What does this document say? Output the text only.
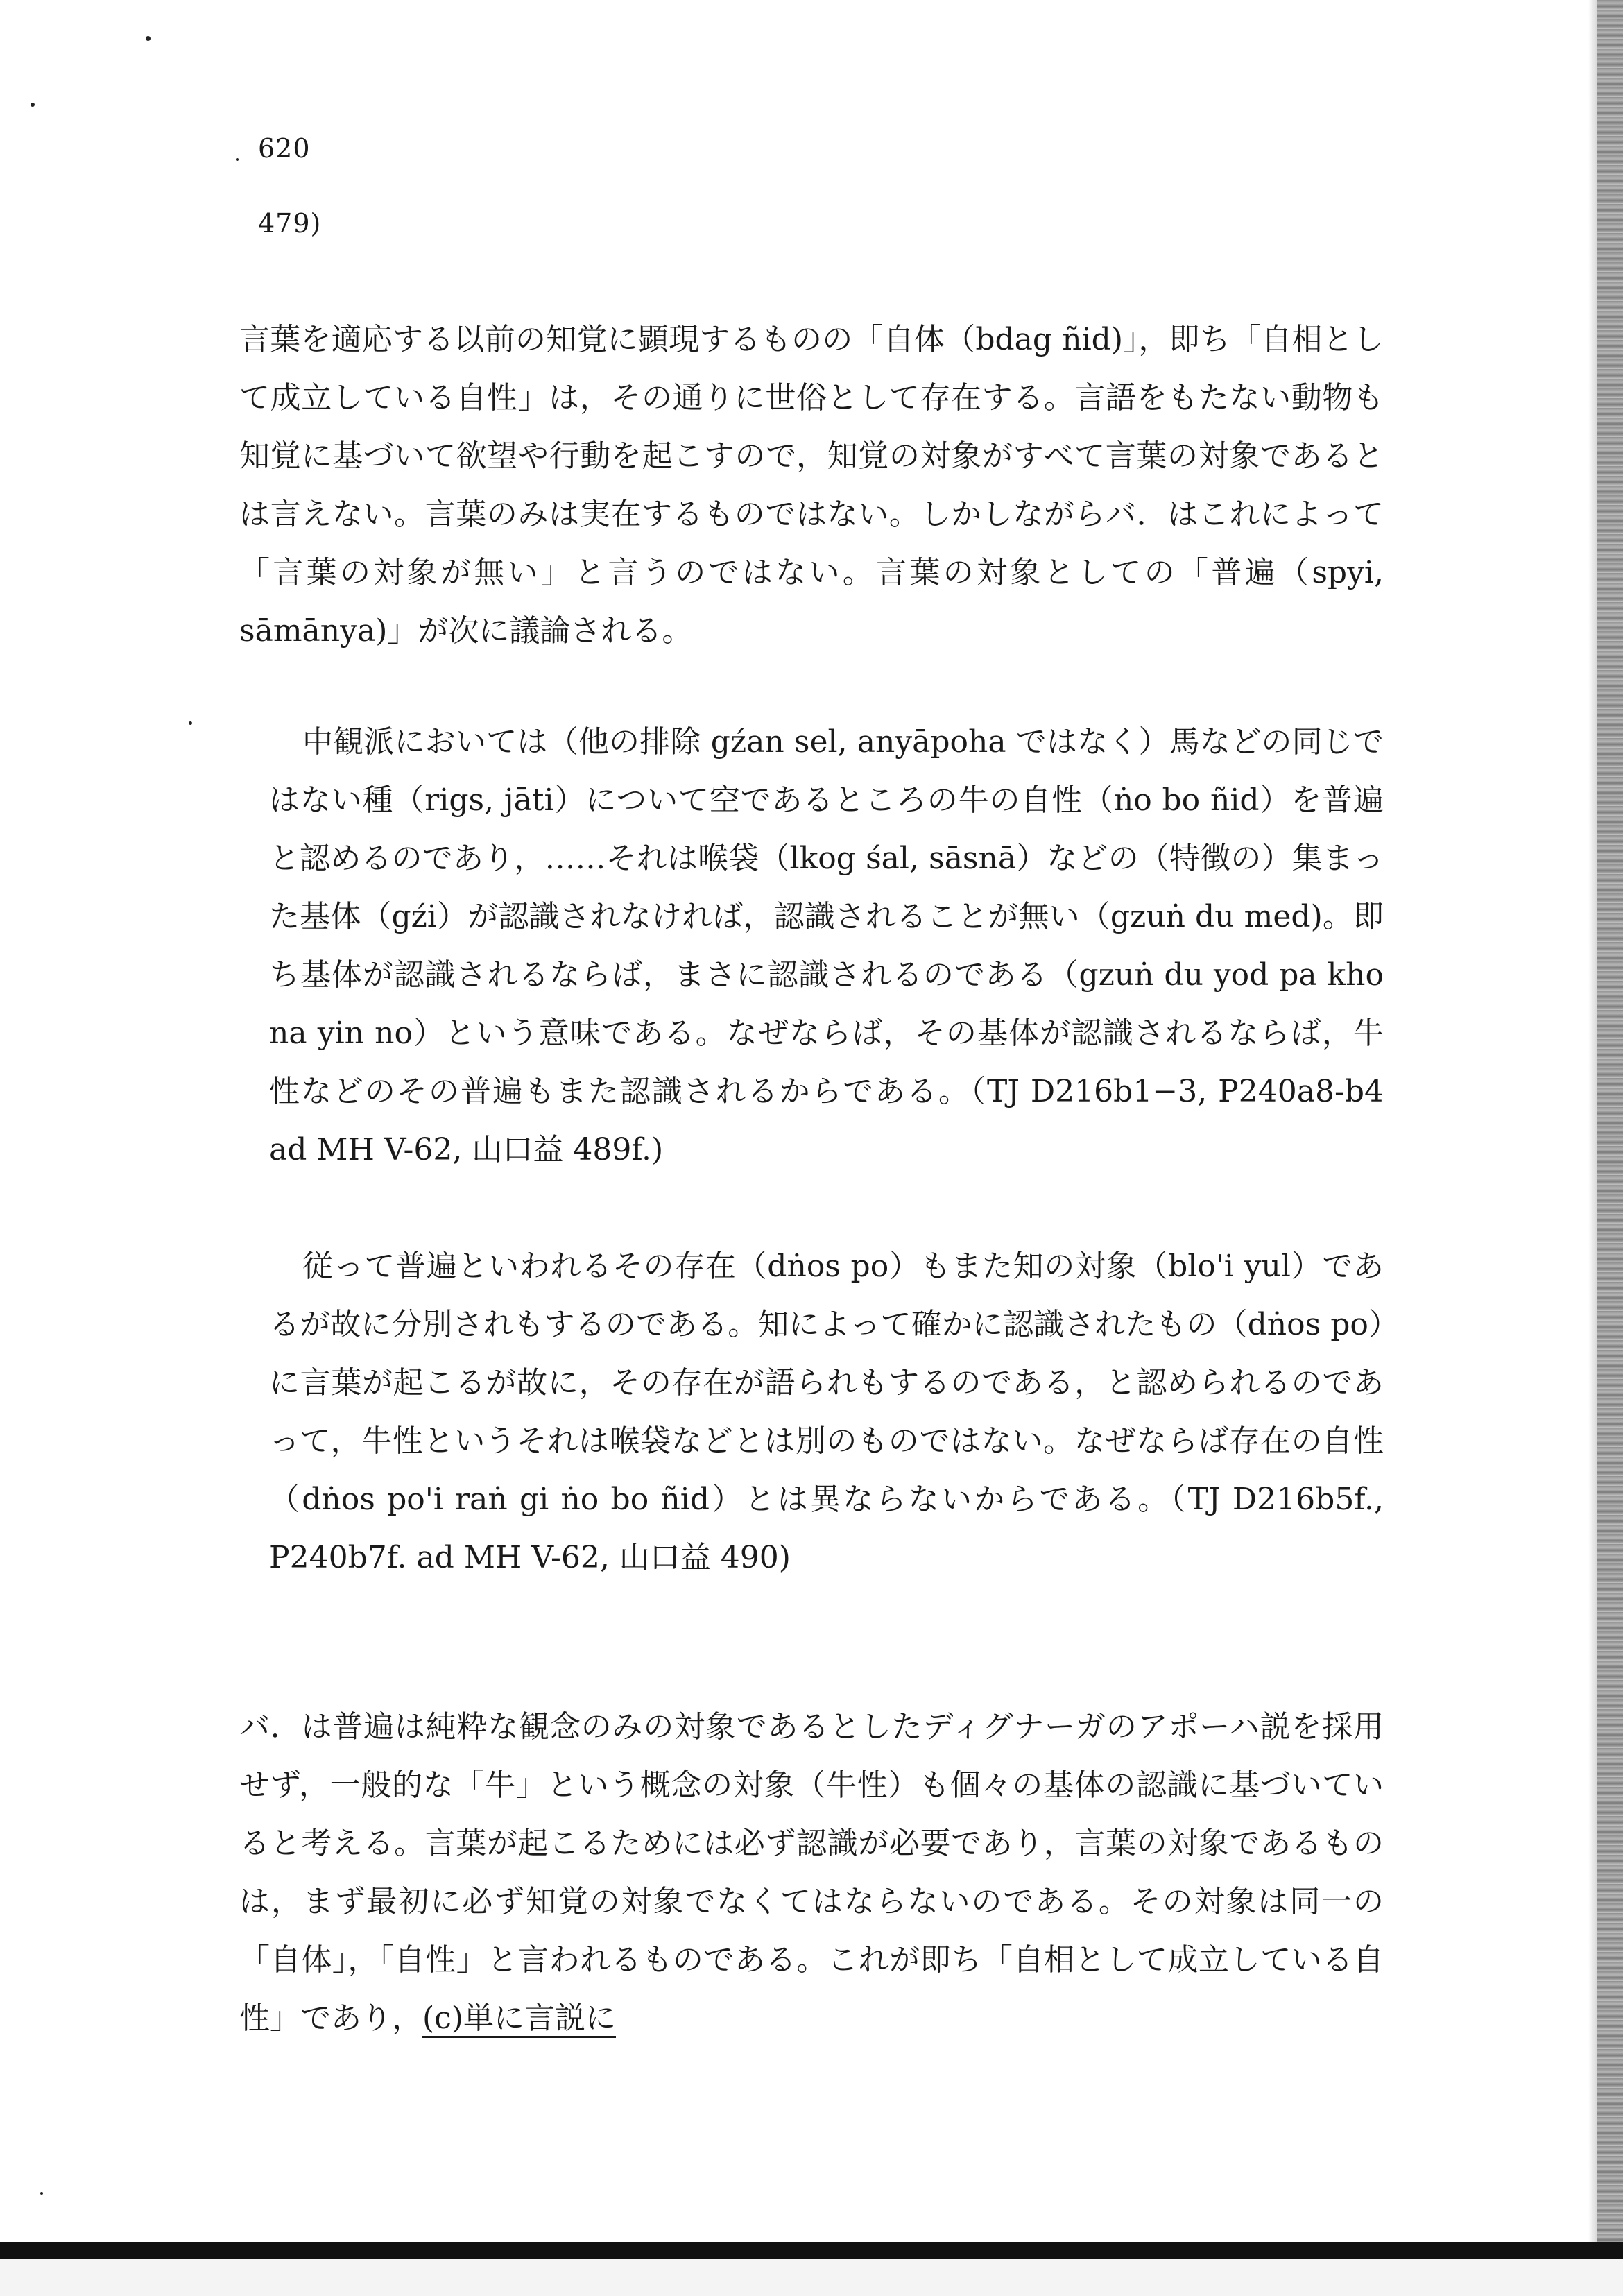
620
479)

言葉を適応する以前の知覚に顕現するものの「自体（bdag ñid)」，即ち「自相として成立している自性」は，その通りに世俗として存在する。言語をもたない動物も知覚に基づいて欲望や行動を起こすので，知覚の対象がすべて言葉の対象であるとは言えない。言葉のみは実在するものではない。しかしながらバ．はこれによって「言葉の対象が無い」と言うのではない。言葉の対象としての「普遍（spyi, sāmānya)」が次に議論される。

中観派においては（他の排除 gźan sel, anyāpoha ではなく）馬などの同じではない種（rigs, jāti）について空であるところの牛の自性（ṅo bo ñid）を普遍と認めるのであり，……それは喉袋（lkog śal, sāsnā）などの（特徴の）集まった基体（gźi）が認識されなければ，認識されることが無い（gzuṅ du med)。即ち基体が認識されるならば，まさに認識されるのである（gzuṅ du yod pa kho na yin no）という意味である。なぜならば，その基体が認識されるならば，牛性などのその普遍もまた認識されるからである。（TJ D216b1−3, P240a8-b4 ad MH V-62, 山口益 489f.)

従って普遍といわれるその存在（dṅos po）もまた知の対象（blo'i yul）であるが故に分別されもするのである。知によって確かに認識されたもの（dṅos po）に言葉が起こるが故に，その存在が語られもするのである，と認められるのであって，牛性というそれは喉袋などとは別のものではない。なぜならば存在の自性（dṅos po'i raṅ gi ṅo bo ñid）とは異ならないからである。（TJ D216b5f., P240b7f. ad MH V-62, 山口益 490)

バ．は普遍は純粋な観念のみの対象であるとしたディグナーガのアポーハ説を採用せず，一般的な「牛」という概念の対象（牛性）も個々の基体の認識に基づいていると考える。言葉が起こるためには必ず認識が必要であり，言葉の対象であるものは，まず最初に必ず知覚の対象でなくてはならないのである。その対象は同一の「自体」，「自性」と言われるものである。これが即ち「自相として成立している自性」であり，(c)単に言説に
